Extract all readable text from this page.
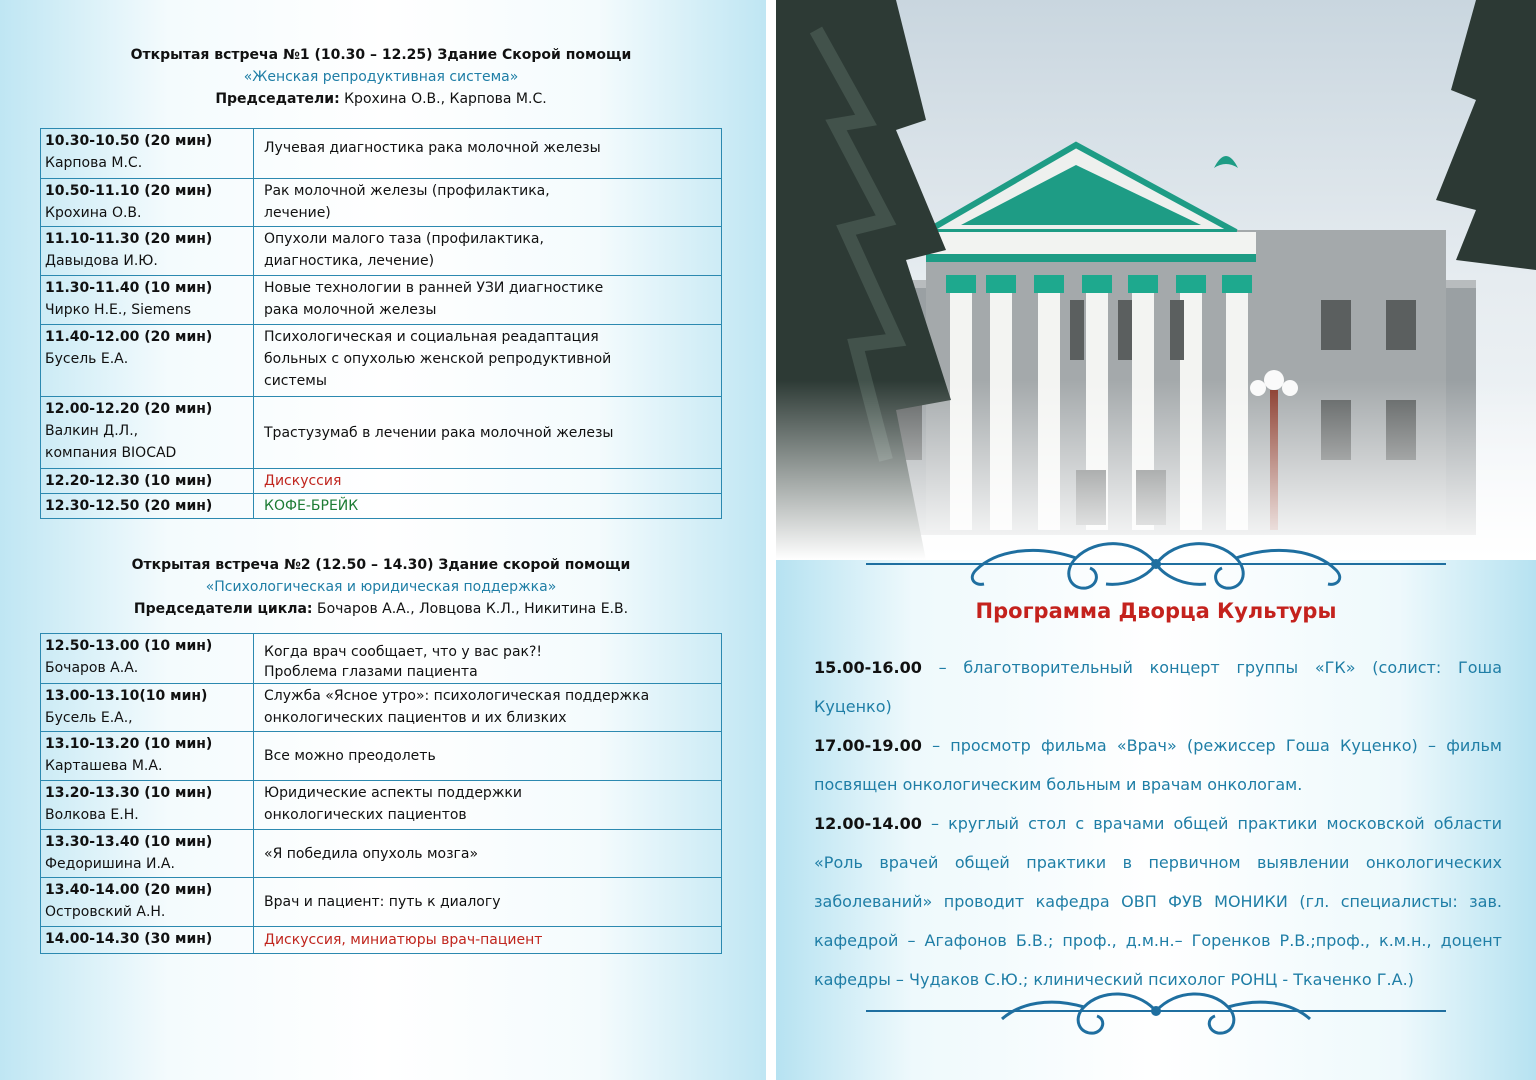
Открытая встреча №1 (10.30 – 12.25) Здание Скорой помощи
«Женская репродуктивная система»
Председатели: Крохина О.В., Карпова М.С.
10.30-10.50 (20 мин)
Карпова М.С.	Лучевая диагностика рака молочной железы

10.50-11.10 (20 мин)
Крохина О.В.	Рак молочной железы (профилактика, лечение)

11.10-11.30 (20 мин)
Давыдова И.Ю.	Опухоли малого таза (профилактика, диагностика, лечение)

11.30-11.40 (10 мин)
Чирко Н.Е., Siemens	Новые технологии в ранней УЗИ диагностике рака молочной железы

11.40-12.00 (20 мин)
Бусель Е.А.	Психологическая и социальная реадаптация больных с опухолью женской репродуктивной системы

12.00-12.20 (20 мин)
Валкин Д.Л., компания BIOCAD	Трастузумаб в лечении рака молочной железы

12.20-12.30 (10 мин)	Дискуссия

12.30-12.50 (20 мин)	КОФЕ-БРЕЙК
Открытая встреча №2 (12.50 – 14.30) Здание скорой помощи
«Психологическая и юридическая поддержка»
Председатели цикла: Бочаров А.А., Ловцова К.Л., Никитина Е.В.
12.50-13.00 (10 мин)
Бочаров А.А.	Когда врач сообщает, что у вас рак?! Проблема глазами пациента

13.00-13.10(10 мин)
Бусель Е.А.,	Служба «Ясное утро»: психологическая поддержка онкологических пациентов и их близких

13.10-13.20 (10 мин)
Карташева М.А.	Все можно преодолеть

13.20-13.30 (10 мин)
Волкова Е.Н.	Юридические аспекты поддержки онкологических пациентов

13.30-13.40 (10 мин)
Федоришина И.А.	«Я победила опухоль мозга»

13.40-14.00 (20 мин)
Островский А.Н.	Врач и пациент: путь к диалогу

14.00-14.30 (30 мин)	Дискуссия, миниатюры врач-пациент
Программа Дворца Культуры

15.00-16.00 – благотворительный концерт группы «ГК» (солист: Гоша Куценко)

17.00-19.00 – просмотр фильма «Врач» (режиссер Гоша Куценко) – фильм посвящен онкологическим больным и врачам онкологам.

12.00-14.00 – круглый стол с врачами общей практики московской области «Роль врачей общей практики в первичном выявлении онкологических заболеваний» проводит кафедра ОВП ФУВ МОНИКИ (гл. специалисты: зав. кафедрой – Агафонов Б.В.; проф., д.м.н.– Горенков Р.В.;проф., к.м.н., доцент кафедры – Чудаков С.Ю.; клинический психолог РОНЦ - Ткаченко Г.А.)
